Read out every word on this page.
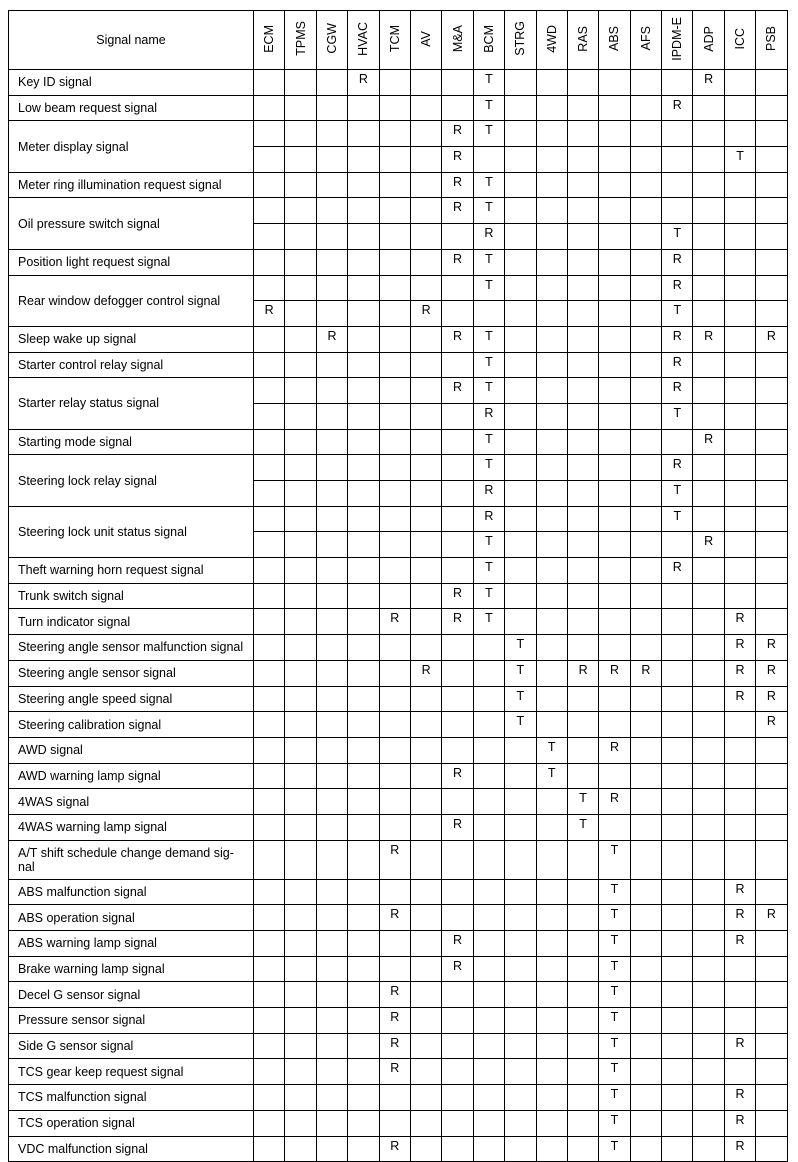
Signal name	ECM	TPMS	CGW	HVAC	TCM	AV	M&A	BCM	STRG	4WD	RAS	ABS	AFS	IPDM-E	ADP	ICC	PSB
Key ID signal				R				T							R		
Low beam request signal								T						R			
Meter display signal							R	T									
							R									T	
Meter ring illumination request signal							R	T									
Oil pressure switch signal							R	T									
								R						T			
Position light request signal							R	T						R			
Rear window defogger control signal								T						R			
	R					R								T			
Sleep wake up signal			R				R	T						R	R		R
Starter control relay signal								T						R			
Starter relay status signal							R	T						R			
								R						T			
Starting mode signal								T							R		
Steering lock relay signal								T						R			
								R						T			
Steering lock unit status signal								R						T			
								T							R		
Theft warning horn request signal								T						R			
Trunk switch signal							R	T									
Turn indicator signal					R		R	T								R	
Steering angle sensor malfunction signal									T							R	R
Steering angle sensor signal						R			T		R	R	R			R	R
Steering angle speed signal									T							R	R
Steering calibration signal									T								R
AWD signal										T		R					
AWD warning lamp signal							R			T							
4WAS signal											T	R					
4WAS warning lamp signal							R				T						
A/T shift schedule change demand sig-
nal					R							T					
ABS malfunction signal												T				R	
ABS operation signal					R							T				R	R
ABS warning lamp signal							R					T				R	
Brake warning lamp signal							R					T					
Decel G sensor signal					R							T					
Pressure sensor signal					R							T					
Side G sensor signal					R							T				R	
TCS gear keep request signal					R							T					
TCS malfunction signal												T				R	
TCS operation signal												T				R	
VDC malfunction signal					R							T				R	
